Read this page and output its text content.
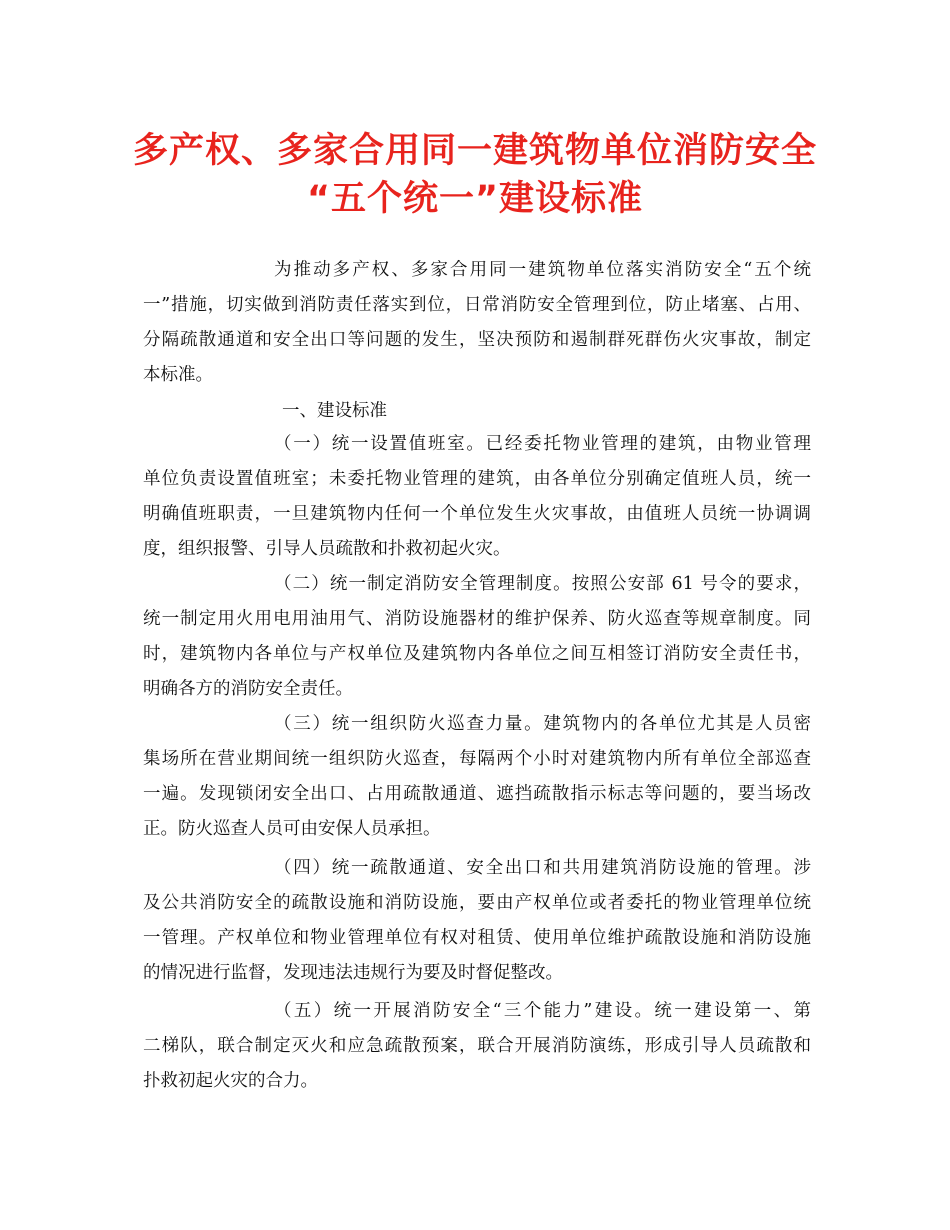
多产权、多家合用同一建筑物单位消防安全
“五个统一”建设标准
为推动多产权、多家合用同一建筑物单位落实消防安全“五个统
一”措施，切实做到消防责任落实到位，日常消防安全管理到位，防止堵塞、占用、
分隔疏散通道和安全出口等问题的发生，坚决预防和遏制群死群伤火灾事故，制定
本标准。
一、建设标准
（一）统一设置值班室。已经委托物业管理的建筑，由物业管理
单位负责设置值班室；未委托物业管理的建筑，由各单位分别确定值班人员，统一
明确值班职责，一旦建筑物内任何一个单位发生火灾事故，由值班人员统一协调调
度，组织报警、引导人员疏散和扑救初起火灾。
（二）统一制定消防安全管理制度。按照公安部 61 号令的要求，
统一制定用火用电用油用气、消防设施器材的维护保养、防火巡查等规章制度。同
时，建筑物内各单位与产权单位及建筑物内各单位之间互相签订消防安全责任书，
明确各方的消防安全责任。
（三）统一组织防火巡查力量。建筑物内的各单位尤其是人员密
集场所在营业期间统一组织防火巡查，每隔两个小时对建筑物内所有单位全部巡查
一遍。发现锁闭安全出口、占用疏散通道、遮挡疏散指示标志等问题的，要当场改
正。防火巡查人员可由安保人员承担。
（四）统一疏散通道、安全出口和共用建筑消防设施的管理。涉
及公共消防安全的疏散设施和消防设施，要由产权单位或者委托的物业管理单位统
一管理。产权单位和物业管理单位有权对租赁、使用单位维护疏散设施和消防设施
的情况进行监督，发现违法违规行为要及时督促整改。
（五）统一开展消防安全“三个能力”建设。统一建设第一、第
二梯队，联合制定灭火和应急疏散预案，联合开展消防演练，形成引导人员疏散和
扑救初起火灾的合力。
